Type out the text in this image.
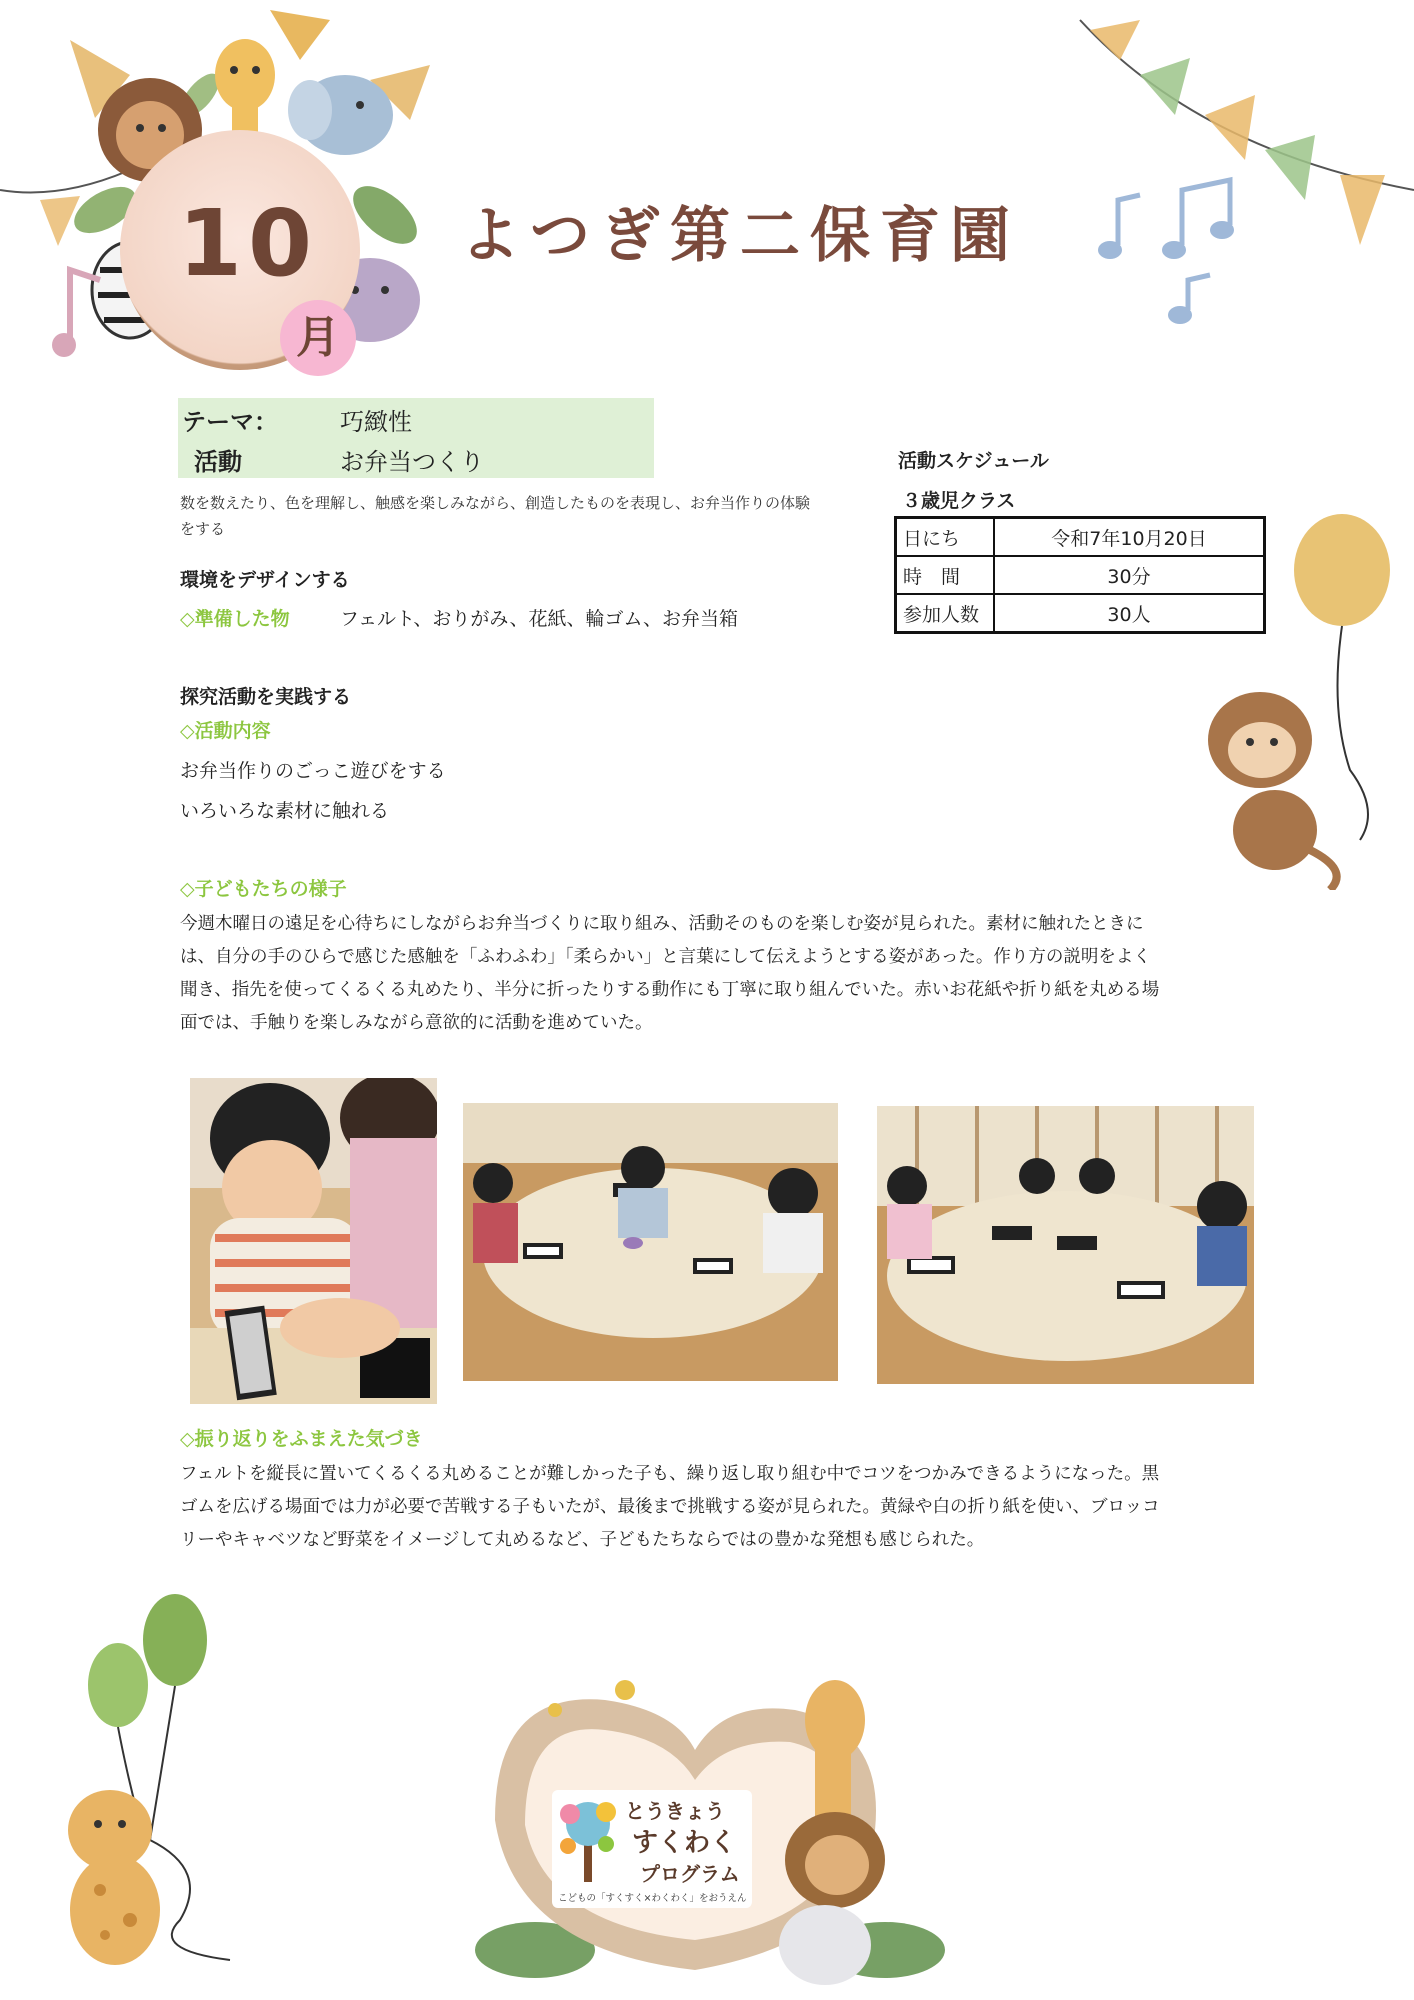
10
月
よつぎ第二保育園
テーマ：	巧緻性
活動	お弁当つくり
数を数えたり、色を理解し、触感を楽しみながら、創造したものを表現し、お弁当作りの体験をする
環境をデザインする
◇準備した物	フェルト、おりがみ、花紙、輪ゴム、お弁当箱
活動スケジュール
３歳児クラス
日にち	令和7年10月20日
時　間	30分
参加人数	30人
探究活動を実践する
◇活動内容
お弁当作りのごっこ遊びをする
いろいろな素材に触れる
◇子どもたちの様子
今週木曜日の遠足を心待ちにしながらお弁当づくりに取り組み、活動そのものを楽しむ姿が見られた。素材に触れたときに
は、自分の手のひらで感じた感触を「ふわふわ」「柔らかい」と言葉にして伝えようとする姿があった。作り方の説明をよく
聞き、指先を使ってくるくる丸めたり、半分に折ったりする動作にも丁寧に取り組んでいた。赤いお花紙や折り紙を丸める場
面では、手触りを楽しみながら意欲的に活動を進めていた。
◇振り返りをふまえた気づき
フェルトを縦長に置いてくるくる丸めることが難しかった子も、繰り返し取り組む中でコツをつかみできるようになった。黒
ゴムを広げる場面では力が必要で苦戦する子もいたが、最後まで挑戦する姿が見られた。黄緑や白の折り紙を使い、ブロッコ
リーやキャベツなど野菜をイメージして丸めるなど、子どもたちならではの豊かな発想も感じられた。
とうきょう
すくわく
プログラム
こどもの「すくすく×わくわく」をおうえん
